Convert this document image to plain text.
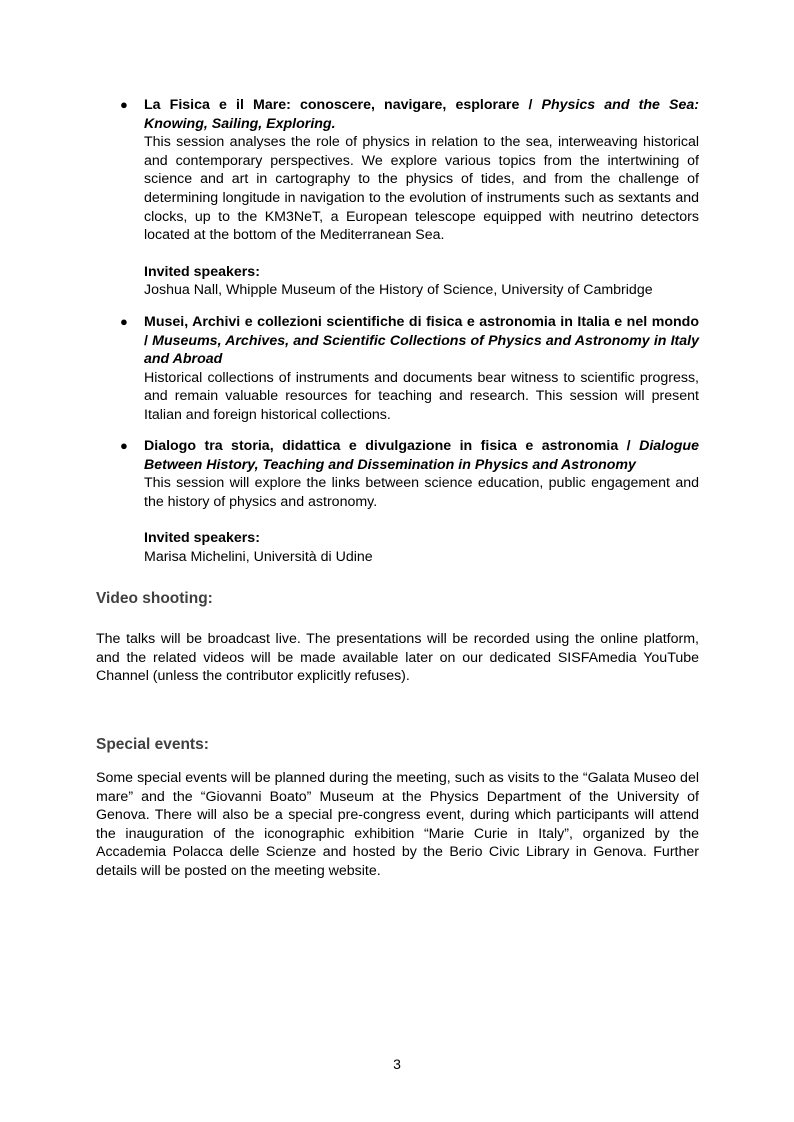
● La Fisica e il Mare: conoscere, navigare, esplorare / Physics and the Sea: Knowing, Sailing, Exploring.
This session analyses the role of physics in relation to the sea, interweaving historical and contemporary perspectives. We explore various topics from the intertwining of science and art in cartography to the physics of tides, and from the challenge of determining longitude in navigation to the evolution of instruments such as sextants and clocks, up to the KM3NeT, a European telescope equipped with neutrino detectors located at the bottom of the Mediterranean Sea.
Invited speakers:
Joshua Nall, Whipple Museum of the History of Science, University of Cambridge
● Musei, Archivi e collezioni scientifiche di fisica e astronomia in Italia e nel mondo / Museums, Archives, and Scientific Collections of Physics and Astronomy in Italy and Abroad
Historical collections of instruments and documents bear witness to scientific progress, and remain valuable resources for teaching and research. This session will present Italian and foreign historical collections.
● Dialogo tra storia, didattica e divulgazione in fisica e astronomia / Dialogue Between History, Teaching and Dissemination in Physics and Astronomy
This session will explore the links between science education, public engagement and the history of physics and astronomy.
Invited speakers:
Marisa Michelini, Università di Udine
Video shooting:
The talks will be broadcast live. The presentations will be recorded using the online platform, and the related videos will be made available later on our dedicated SISFAmedia YouTube Channel (unless the contributor explicitly refuses).
Special events:
Some special events will be planned during the meeting, such as visits to the “Galata Museo del mare” and the “Giovanni Boato” Museum at the Physics Department of the University of Genova. There will also be a special pre-congress event, during which participants will attend the inauguration of the iconographic exhibition “Marie Curie in Italy”, organized by the Accademia Polacca delle Scienze and hosted by the Berio Civic Library in Genova. Further details will be posted on the meeting website.
3
